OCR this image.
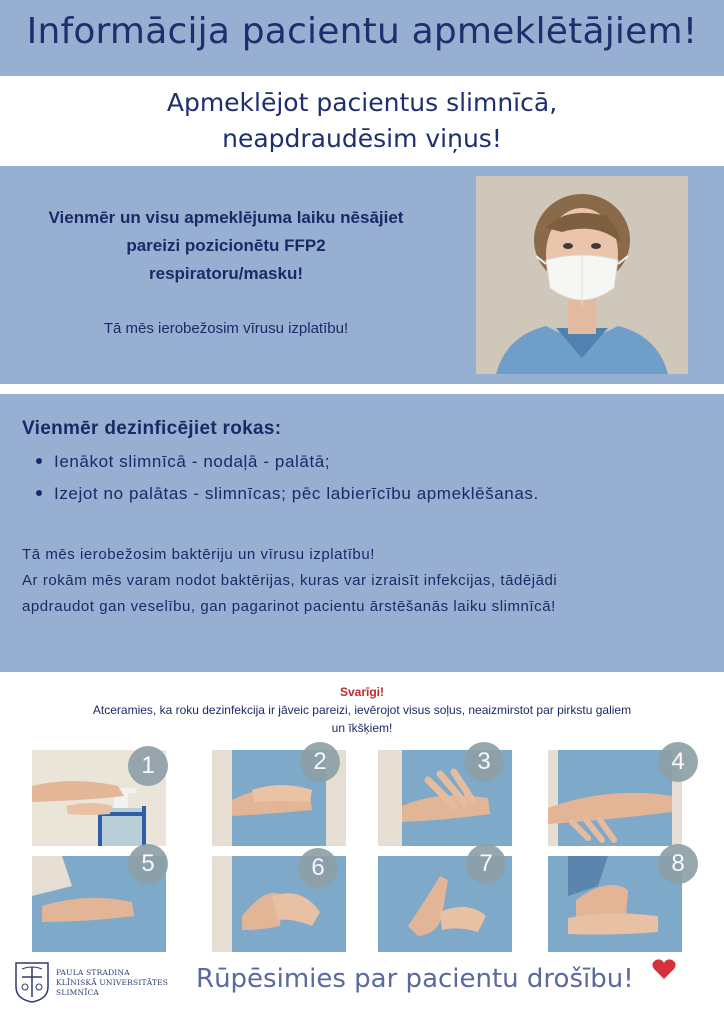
Informācija pacientu apmeklētājiem!
Apmeklējot pacientus slimnīcā,
neapdraudēsim viņus!
Vienmēr un visu apmeklējuma laiku nēsājiet
pareizi pozicionētu FFP2
respiratoru/masku!
Tā mēs ierobežosim vīrusu izplatību!
Vienmēr dezinficējiet rokas:
Ienākot slimnīcā - nodaļā - palātā;
Izejot no palātas - slimnīcas; pēc labierīcību apmeklēšanas.
Tā mēs ierobežosim baktēriju un vīrusu izplatību!
Ar rokām mēs varam nodot baktērijas, kuras var izraisīt infekcijas, tādējādi
apdraudot gan veselību, gan pagarinot pacientu ārstēšanās laiku slimnīcā!
Svarīgi!
Atceramies, ka roku dezinfekcija ir jāveic pareizi, ievērojot visus soļus, neaizmirstot par pirkstu galiem
un īkšķiem!
1	2	3	4
5	6	7	8
PAULA STRADIŅA
KLĪNISKĀ UNIVERSITĀTES
SLIMNĪCA	Rūpēsimies par pacientu drošību!
